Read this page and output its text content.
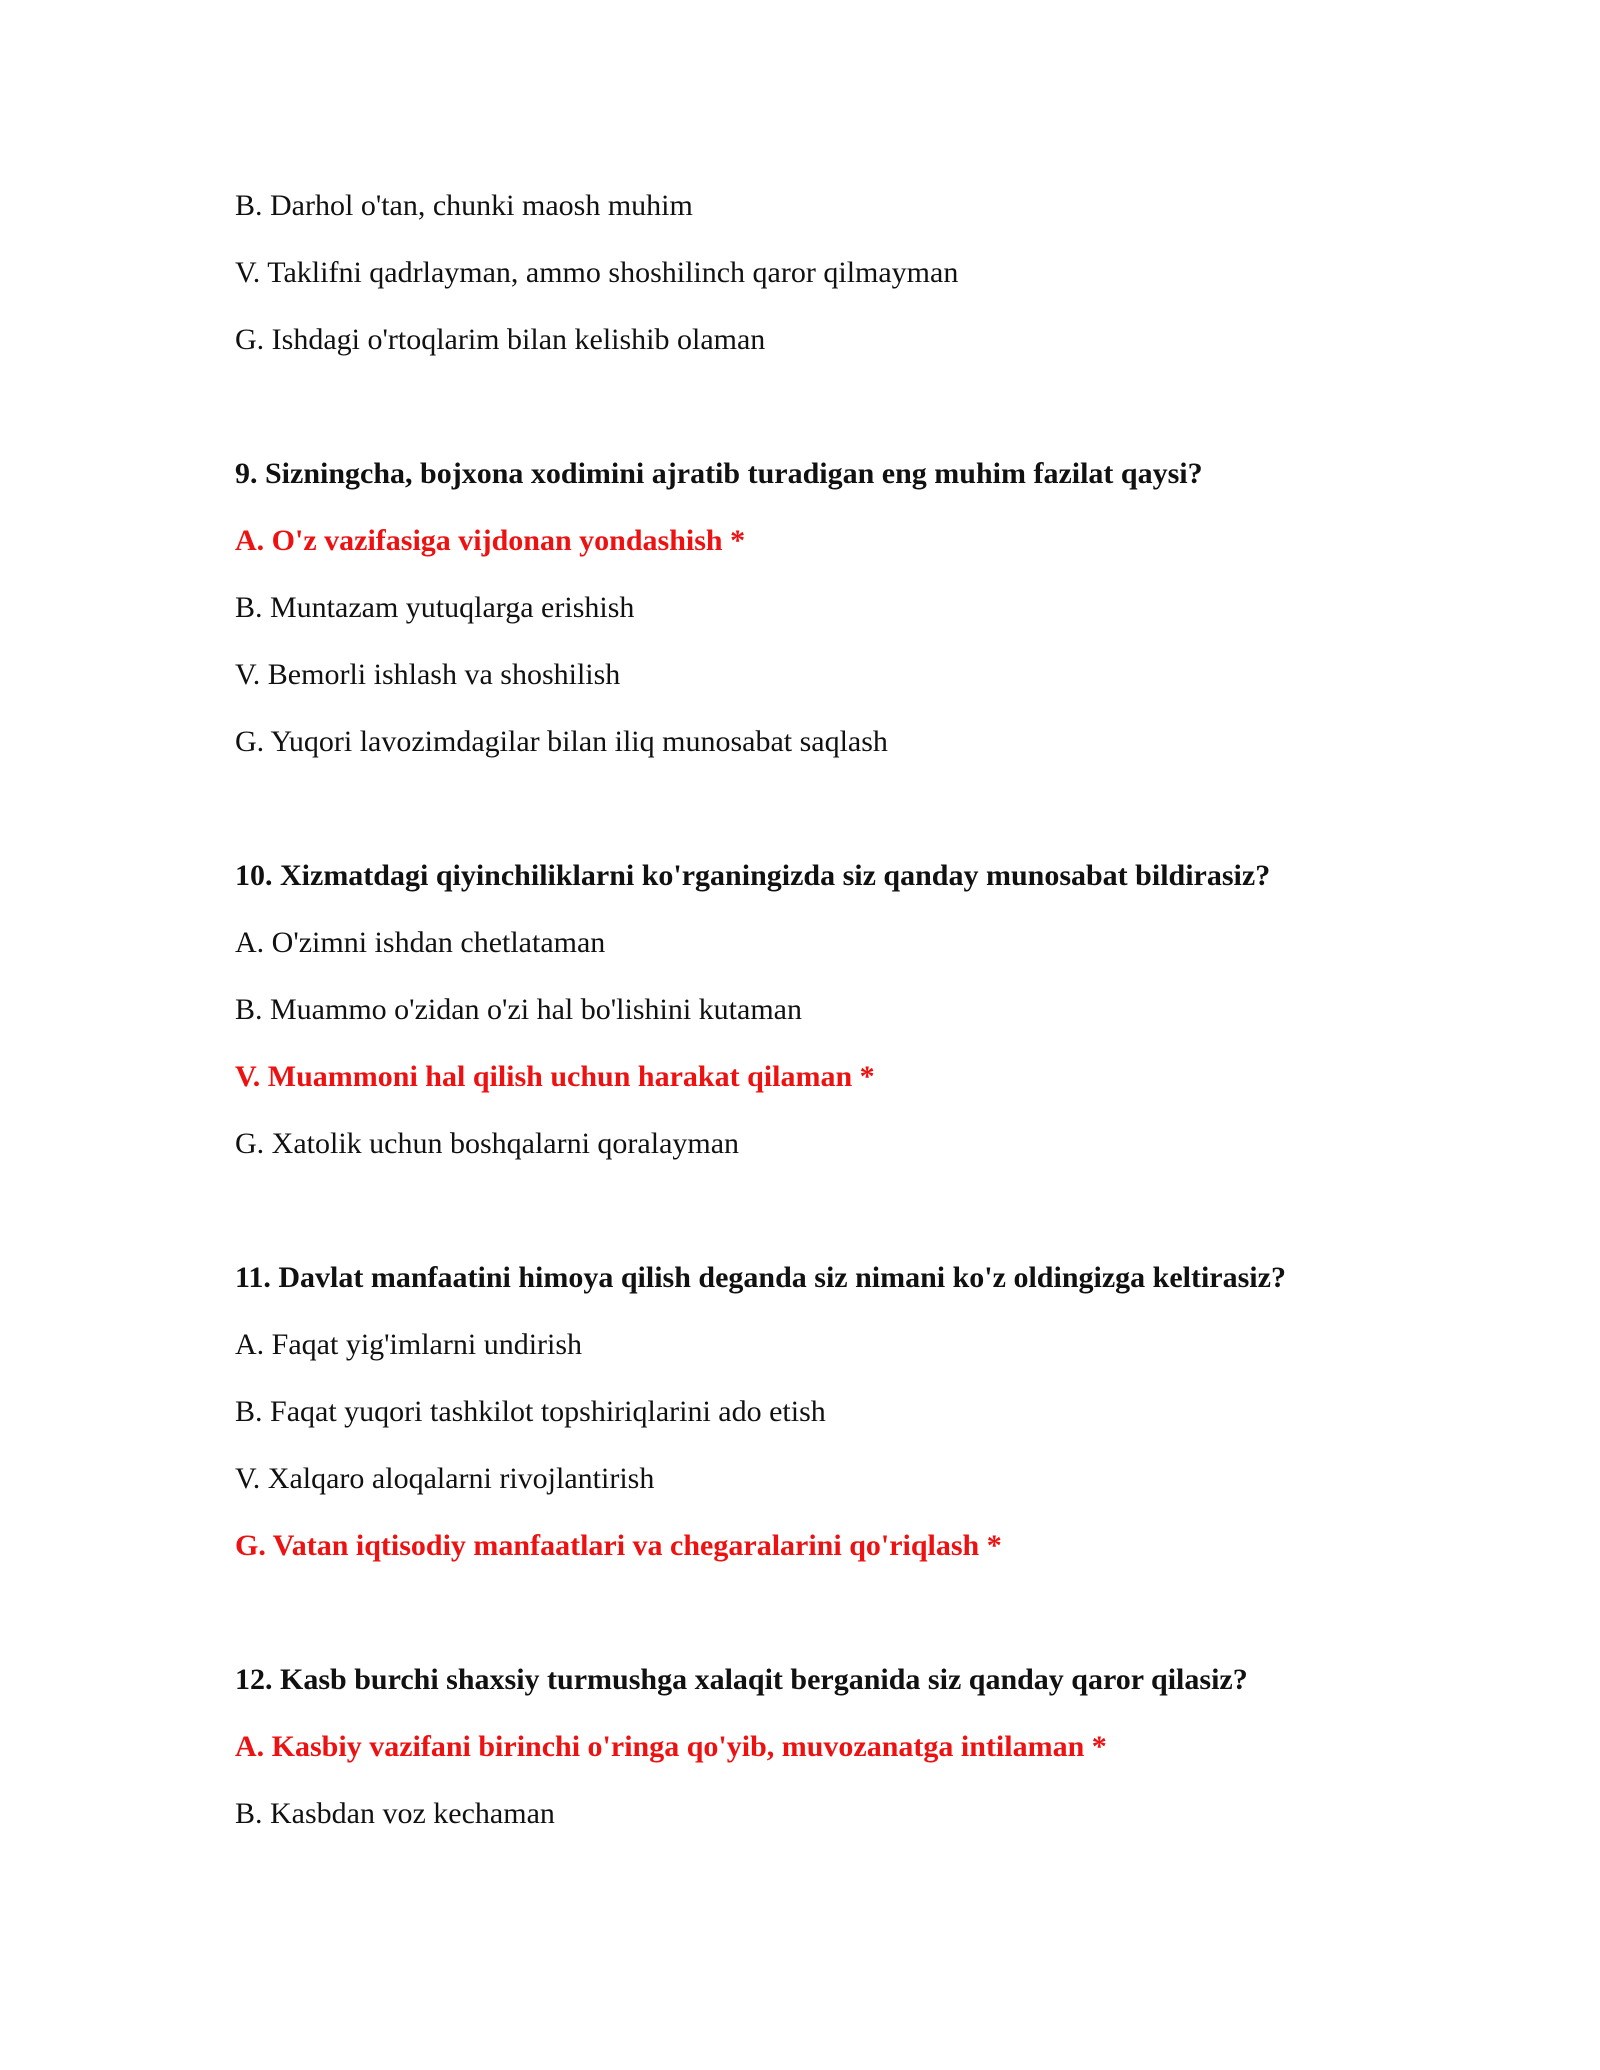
B. Darhol o'tan, chunki maosh muhim
V. Taklifni qadrlayman, ammo shoshilinch qaror qilmayman
G. Ishdagi o'rtoqlarim bilan kelishib olaman
9. Sizningcha, bojxona xodimini ajratib turadigan eng muhim fazilat qaysi?
A. O'z vazifasiga vijdonan yondashish *
B. Muntazam yutuqlarga erishish
V. Bemorli ishlash va shoshilish
G. Yuqori lavozimdagilar bilan iliq munosabat saqlash
10. Xizmatdagi qiyinchiliklarni ko'rganingizda siz qanday munosabat bildirasiz?
A. O'zimni ishdan chetlataman
B. Muammo o'zidan o'zi hal bo'lishini kutaman
V. Muammoni hal qilish uchun harakat qilaman *
G. Xatolik uchun boshqalarni qoralayman
11. Davlat manfaatini himoya qilish deganda siz nimani ko'z oldingizga keltirasiz?
A. Faqat yig'imlarni undirish
B. Faqat yuqori tashkilot topshiriqlarini ado etish
V. Xalqaro aloqalarni rivojlantirish
G. Vatan iqtisodiy manfaatlari va chegaralarini qo'riqlash *
12. Kasb burchi shaxsiy turmushga xalaqit berganida siz qanday qaror qilasiz?
A. Kasbiy vazifani birinchi o'ringa qo'yib, muvozanatga intilaman *
B. Kasbdan voz kechaman
